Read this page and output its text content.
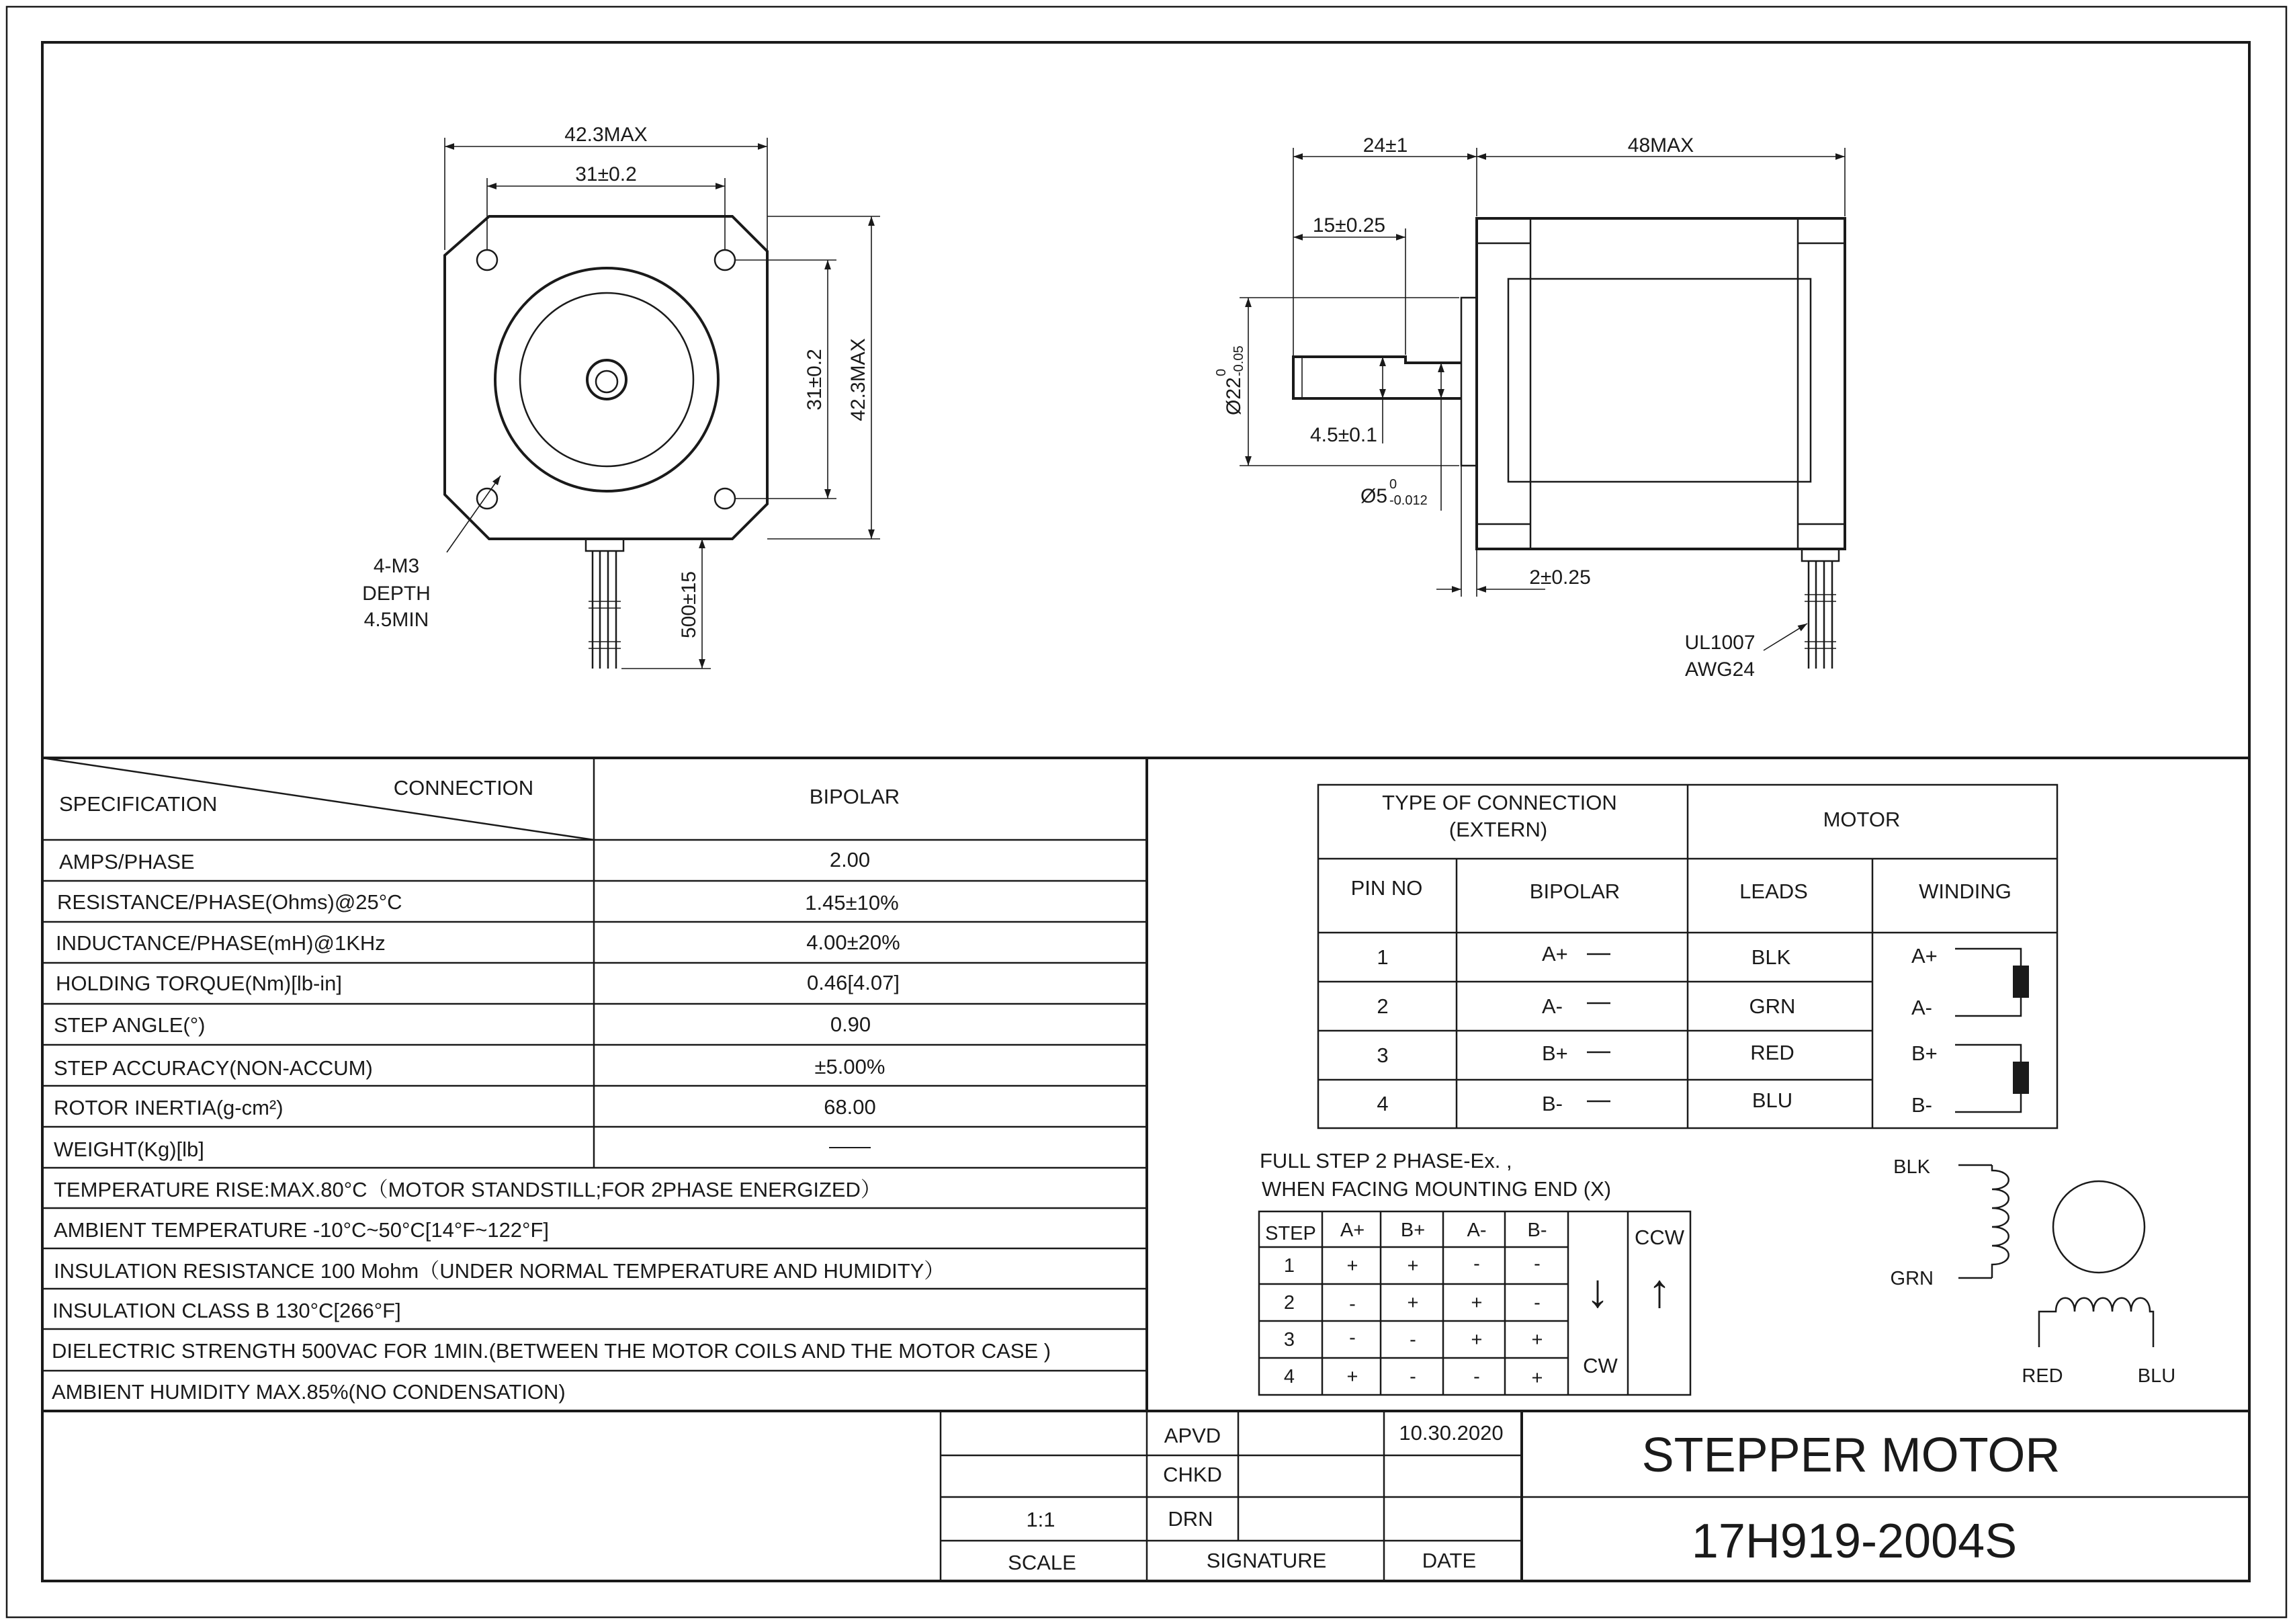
42.3MAX
31±0.2
31±0.2 42.3MAX
4-M3
DEPTH
4.5MIN	500±15
24±1	48MAX
15±0.25
Ø22
0 -0.05
4.5±0.1
Ø5
0
-0.012
2±0.25
UL1007
AWG24
CONNECTION
SPECIFICATION	BIPOLAR
AMPS/PHASE	2.00
RESISTANCE/PHASE(Ohms)@25°C	1.45±10%
INDUCTANCE/PHASE(mH)@1KHz	4.00±20%
HOLDING TORQUE(Nm)[lb-in]	0.46[4.07]
STEP ANGLE(°)	0.90
STEP ACCURACY(NON-ACCUM)	±5.00%
ROTOR INERTIA(g-cm²)	68.00
WEIGHT(Kg)[lb]	——
TEMPERATURE RISE:MAX.80°C（MOTOR STANDSTILL;FOR 2PHASE ENERGIZED）
AMBIENT TEMPERATURE -10°C~50°C[14°F~122°F]
INSULATION RESISTANCE 100 Mohm（UNDER NORMAL TEMPERATURE AND HUMIDITY）
INSULATION CLASS B 130°C[266°F]
DIELECTRIC STRENGTH 500VAC FOR 1MIN.(BETWEEN THE MOTOR COILS AND THE MOTOR CASE )
AMBIENT HUMIDITY MAX.85%(NO CONDENSATION)
TYPE OF CONNECTION
(EXTERN)	MOTOR
PIN NO	BIPOLAR	LEADS	WINDING
1	A+	BLK
2	A-	GRN
3	B+	RED
4	B-	BLU
A+
A-
B+
B-
FULL STEP 2 PHASE-Ex. ,
WHEN FACING MOUNTING END (X)
STEP A+ B+ A- B-
1	+	+	-	-
2	-	+	+	-
3	-	-	+	+
4	+	-	-	+
↓
CW
CCW
↑
BLK
GRN
RED	BLU
APVD	10.30.2020
CHKD
DRN
1:1
SCALE	SIGNATURE	DATE
STEPPER MOTOR
17H919-2004S
